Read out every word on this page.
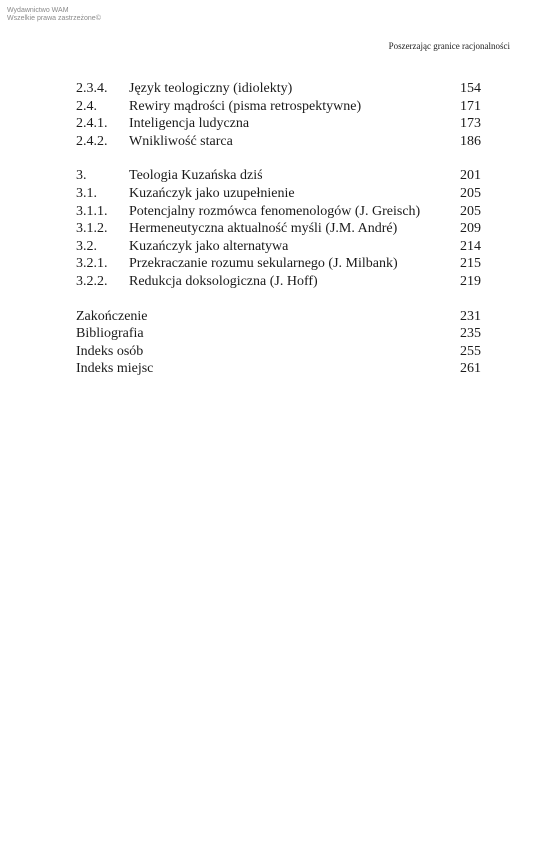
Wydawnictwo WAM
Wszelkie prawa zastrzeżone©
Poszerzając granice racjonalności
2.3.4.	Język teologiczny (idiolekty)	154
2.4.	Rewiry mądrości (pisma retrospektywne)	171
2.4.1.	Inteligencja ludyczna	173
2.4.2.	Wnikliwość starca	186
3.	Teologia Kuzańska dziś	201
3.1.	Kuzańczyk jako uzupełnienie	205
3.1.1.	Potencjalny rozmówca fenomenologów (J. Greisch)	205
3.1.2.	Hermeneutyczna aktualność myśli (J.M. André)	209
3.2.	Kuzańczyk jako alternatywa	214
3.2.1.	Przekraczanie rozumu sekularnego (J. Milbank)	215
3.2.2.	Redukcja doksologiczna (J. Hoff)	219
Zakończenie	231
Bibliografia	235
Indeks osób	255
Indeks miejsc	261
